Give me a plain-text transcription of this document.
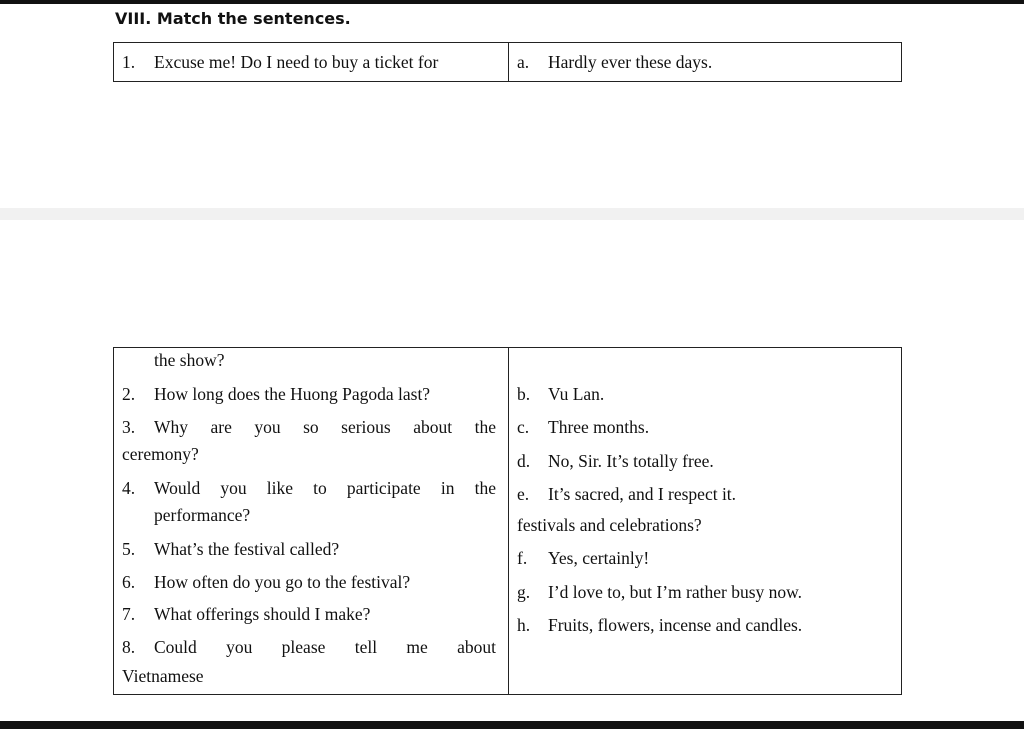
VIII. Match the sentences.
1. Excuse me! Do I need to buy a ticket for	a. Hardly ever these days.
the show?
2. How long does the Huong Pagoda last?
3. Why are you so serious about the
ceremony?
4. Would you like to participate in the
performance?
5. What’s the festival called?
6. How often do you go to the festival?
7. What offerings should I make?
8. Could you please tell me about
Vietnamese
b. Vu Lan.
c. Three months.
d. No, Sir. It’s totally free.
e. It’s sacred, and I respect it.
festivals and celebrations?
f. Yes, certainly!
g. I’d love to, but I’m rather busy now.
h. Fruits, flowers, incense and candles.
